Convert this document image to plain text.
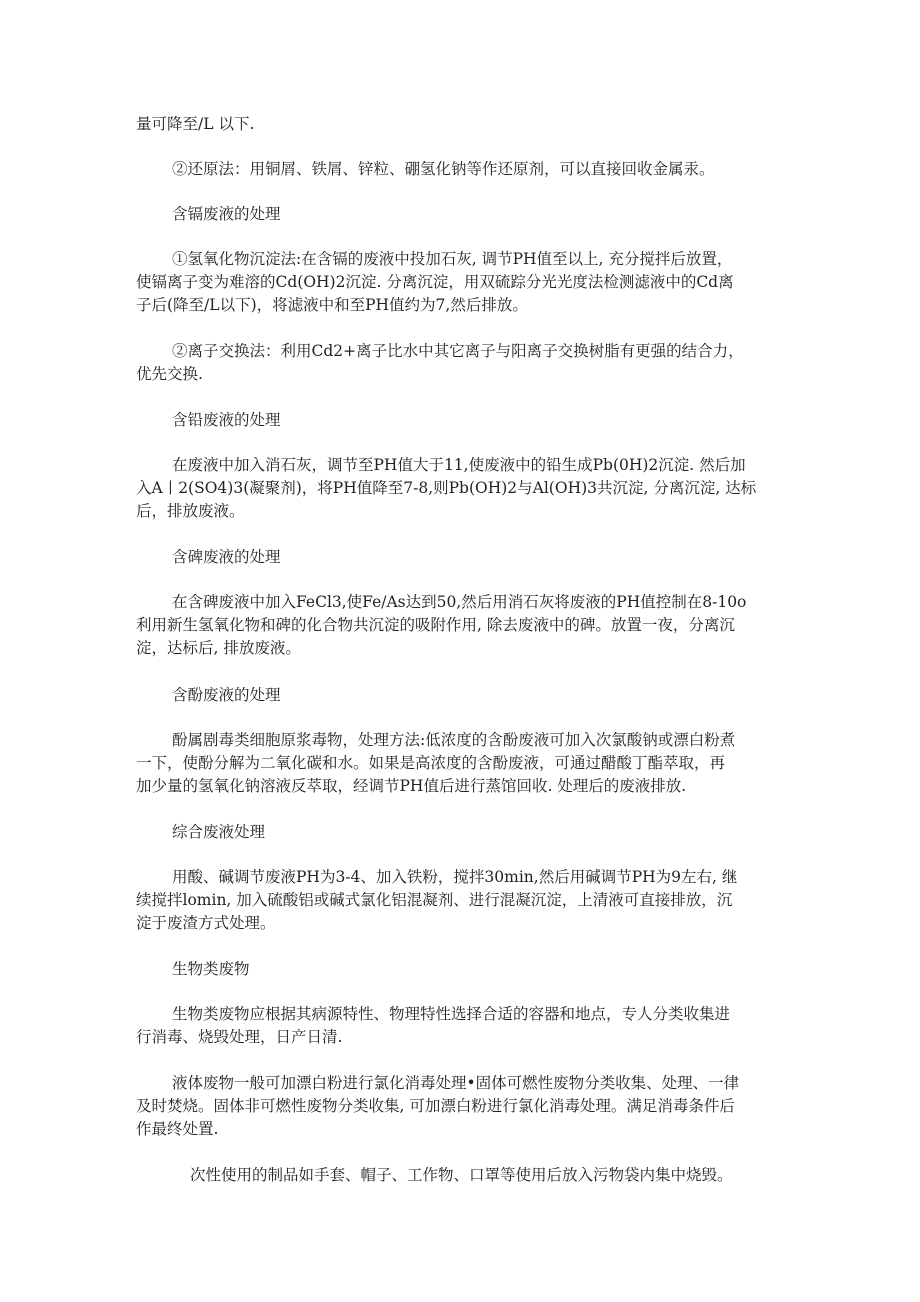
量可降至/L 以下.

②还原法：用铜屑、铁屑、锌粒、硼氢化钠等作还原剂，可以直接回收金属汞。

含镉废液的处理

①氢氧化物沉淀法:在含镉的废液中投加石灰, 调节PH值至以上, 充分搅拌后放置，
使镉离子变为难溶的Cd(OH)2沉淀. 分离沉淀，用双硫踪分光光度法检测滤液中的Cd离
子后(降至/L以下)，将滤液中和至PH值约为7,然后排放。

②离子交换法：利用Cd2+离子比水中其它离子与阳离子交换树脂有更强的结合力，
优先交换.

含铅废液的处理

在废液中加入消石灰，调节至PH值大于11,使废液中的铅生成Pb(0H)2沉淀. 然后加
入A丨2(SO4)3(凝聚剂)，将PH值降至7-8,则Pb(OH)2与Al(OH)3共沉淀, 分离沉淀, 达标
后，排放废液。

含碑废液的处理

在含碑废液中加入FeCl3,使Fe/As达到50,然后用消石灰将废液的PH值控制在8-10o
利用新生氢氧化物和碑的化合物共沉淀的吸附作用, 除去废液中的碑。放置一夜，分离沉
淀，达标后, 排放废液。

含酚废液的处理

酚属剧毒类细胞原浆毒物，处理方法:低浓度的含酚废液可加入次氯酸钠或漂白粉煮
一下，使酚分解为二氧化碳和水。如果是高浓度的含酚废液，可通过醋酸丁酯萃取，再
加少量的氢氧化钠溶液反萃取，经调节PH值后进行蒸馆回收. 处理后的废液排放.

综合废液处理

用酸、碱调节废液PH为3-4、加入铁粉，搅拌30min,然后用碱调节PH为9左右, 继
续搅拌lomin, 加入硫酸铝或碱式氯化铝混凝剂、进行混凝沉淀，上清液可直接排放，沉
淀于废渣方式处理。

生物类废物

生物类废物应根据其病源特性、物理特性选择合适的容器和地点，专人分类收集进
行消毒、烧毁处理，日产日清.

液体废物一般可加漂白粉进行氯化消毒处理•固体可燃性废物分类收集、处理、一律
及时焚烧。固体非可燃性废物分类收集, 可加漂白粉进行氯化消毒处理。满足消毒条件后
作最终处置.

次性使用的制品如手套、帽子、工作物、口罩等使用后放入污物袋内集中烧毁。
